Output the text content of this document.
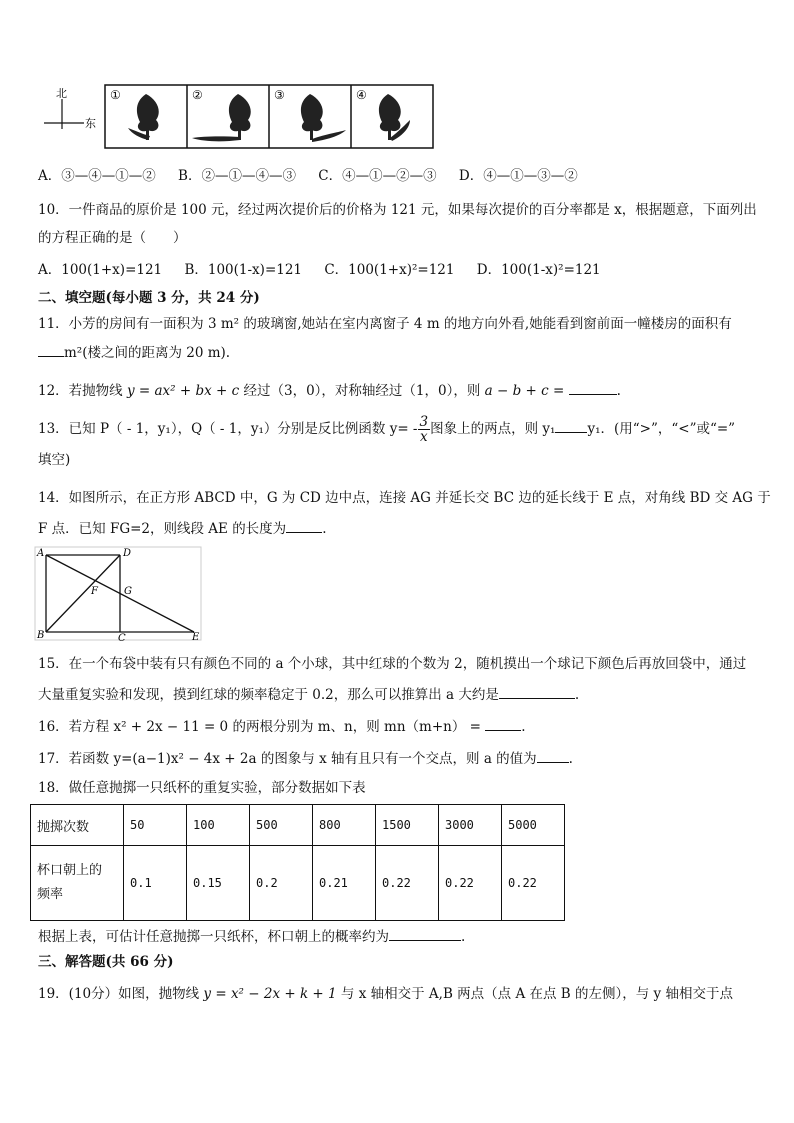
北
东
①	②	③	④
A．③—④—①—② B．②—①—④—③ C．④—①—②—③ D．④—①—③—②
10．一件商品的原价是 100 元，经过两次提价后的价格为 121 元，如果每次提价的百分率都是 x，根据题意，下面列出
的方程正确的是（　　）
A．100(1+x)=121 B．100(1-x)=121 C．100(1+x)²=121 D．100(1-x)²=121
二、填空题(每小题 3 分，共 24 分)
11．小芳的房间有一面积为 3 m² 的玻璃窗,她站在室内离窗子 4 m 的地方向外看,她能看到窗前面一幢楼房的面积有
m²(楼之间的距离为 20 m).
12．若抛物线 y = ax² + bx + c 经过（3，0），对称轴经过（1，0），则 a − b + c =	.
13．已知 P（ - 1，y₁），Q（ - 1，y₁）分别是反比例函数 $y= - \frac{3}{x}$ 图象上的两点，则 y₁ y₁．(用“>”，“<”或“=”
填空)
14．如图所示，在正方形 ABCD 中，G 为 CD 边中点，连接 AG 并延长交 BC 边的延长线于 E 点，对角线 BD 交 AG 于
F 点．已知 FG=2，则线段 AE 的长度为	.
A	D
F	G
B	C	E
15．在一个布袋中装有只有颜色不同的 a 个小球，其中红球的个数为 2，随机摸出一个球记下颜色后再放回袋中，通过
大量重复实验和发现，摸到红球的频率稳定于 0.2，那么可以推算出 a 大约是	.
16．若方程 x² + 2x − 11 = 0 的两根分别为 m、n，则 mn（m+n） =	.
17．若函数 y=(a−1)x² − 4x + 2a 的图象与 x 轴有且只有一个交点，则 a 的值为 .
18．做任意抛掷一只纸杯的重复实验，部分数据如下表
抛掷次数	50	100	500	800	1500	3000	5000
杯口朝上的
频率	0.1	0.15	0.2	0.21	0.22	0.22	0.22
根据上表，可估计任意抛掷一只纸杯，杯口朝上的概率约为	.
三、解答题(共 66 分)
19．(10分）如图，抛物线 y = x² − 2x + k + 1 与 x 轴相交于 A,B 两点（点 A 在点 B 的左侧），与 y 轴相交于点
